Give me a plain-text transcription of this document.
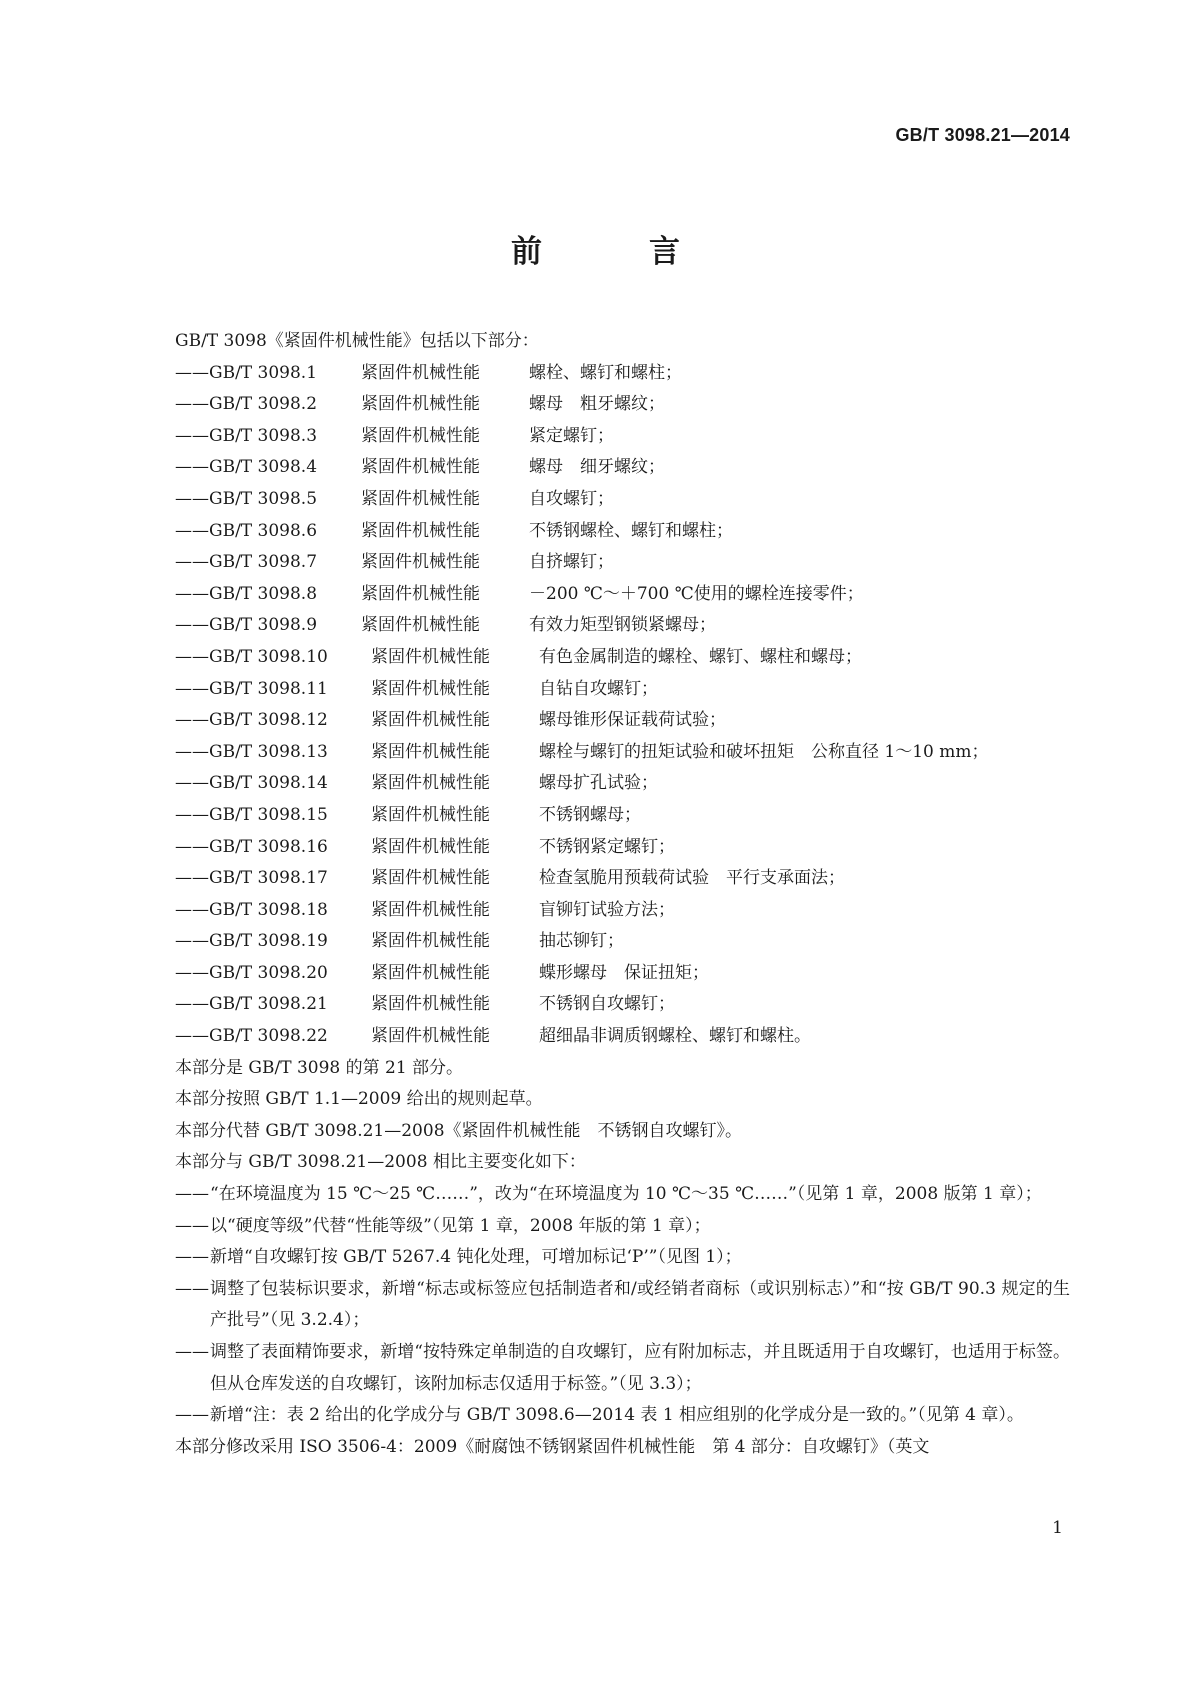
GB/T 3098.21—2014
前　言

GB/T 3098《紧固件机械性能》包括以下部分：

——GB/T 3098.1	紧固件机械性能	螺栓、螺钉和螺柱；
——GB/T 3098.2	紧固件机械性能	螺母　粗牙螺纹；
——GB/T 3098.3	紧固件机械性能	紧定螺钉；
——GB/T 3098.4	紧固件机械性能	螺母　细牙螺纹；
——GB/T 3098.5	紧固件机械性能	自攻螺钉；
——GB/T 3098.6	紧固件机械性能	不锈钢螺栓、螺钉和螺柱；
——GB/T 3098.7	紧固件机械性能	自挤螺钉；
——GB/T 3098.8	紧固件机械性能	－200 ℃～＋700 ℃使用的螺栓连接零件；
——GB/T 3098.9	紧固件机械性能	有效力矩型钢锁紧螺母；
——GB/T 3098.10	紧固件机械性能	有色金属制造的螺栓、螺钉、螺柱和螺母；
——GB/T 3098.11	紧固件机械性能	自钻自攻螺钉；
——GB/T 3098.12	紧固件机械性能	螺母锥形保证载荷试验；
——GB/T 3098.13	紧固件机械性能	螺栓与螺钉的扭矩试验和破坏扭矩　公称直径 1～10 mm；
——GB/T 3098.14	紧固件机械性能	螺母扩孔试验；
——GB/T 3098.15	紧固件机械性能	不锈钢螺母；
——GB/T 3098.16	紧固件机械性能	不锈钢紧定螺钉；
——GB/T 3098.17	紧固件机械性能	检查氢脆用预载荷试验　平行支承面法；
——GB/T 3098.18	紧固件机械性能	盲铆钉试验方法；
——GB/T 3098.19	紧固件机械性能	抽芯铆钉；
——GB/T 3098.20	紧固件机械性能	蝶形螺母　保证扭矩；
——GB/T 3098.21	紧固件机械性能	不锈钢自攻螺钉；
——GB/T 3098.22	紧固件机械性能	超细晶非调质钢螺栓、螺钉和螺柱。

本部分是 GB/T 3098 的第 21 部分。

本部分按照 GB/T 1.1—2009 给出的规则起草。

本部分代替 GB/T 3098.21—2008《紧固件机械性能　不锈钢自攻螺钉》。

本部分与 GB/T 3098.21—2008 相比主要变化如下：

—— “在环境温度为 15 ℃～25 ℃……”，改为“在环境温度为 10 ℃～35 ℃……”（见第 1 章，2008 版第 1 章）；
—— 以“硬度等级”代替“性能等级”（见第 1 章，2008 年版的第 1 章）；
—— 新增“自攻螺钉按 GB/T 5267.4 钝化处理，可增加标记‘P’”（见图 1）；
—— 调整了包装标识要求，新增“标志或标签应包括制造者和/或经销者商标（或识别标志）”和“按 GB/T 90.3 规定的生产批号”（见 3.2.4）；
—— 调整了表面精饰要求，新增“按特殊定单制造的自攻螺钉，应有附加标志，并且既适用于自攻螺钉，也适用于标签。但从仓库发送的自攻螺钉，该附加标志仅适用于标签。”（见 3.3）；
—— 新增“注：表 2 给出的化学成分与 GB/T 3098.6—2014 表 1 相应组别的化学成分是一致的。”（见第 4 章）。

本部分修改采用 ISO 3506-4：2009《耐腐蚀不锈钢紧固件机械性能　第 4 部分：自攻螺钉》（英文

1
